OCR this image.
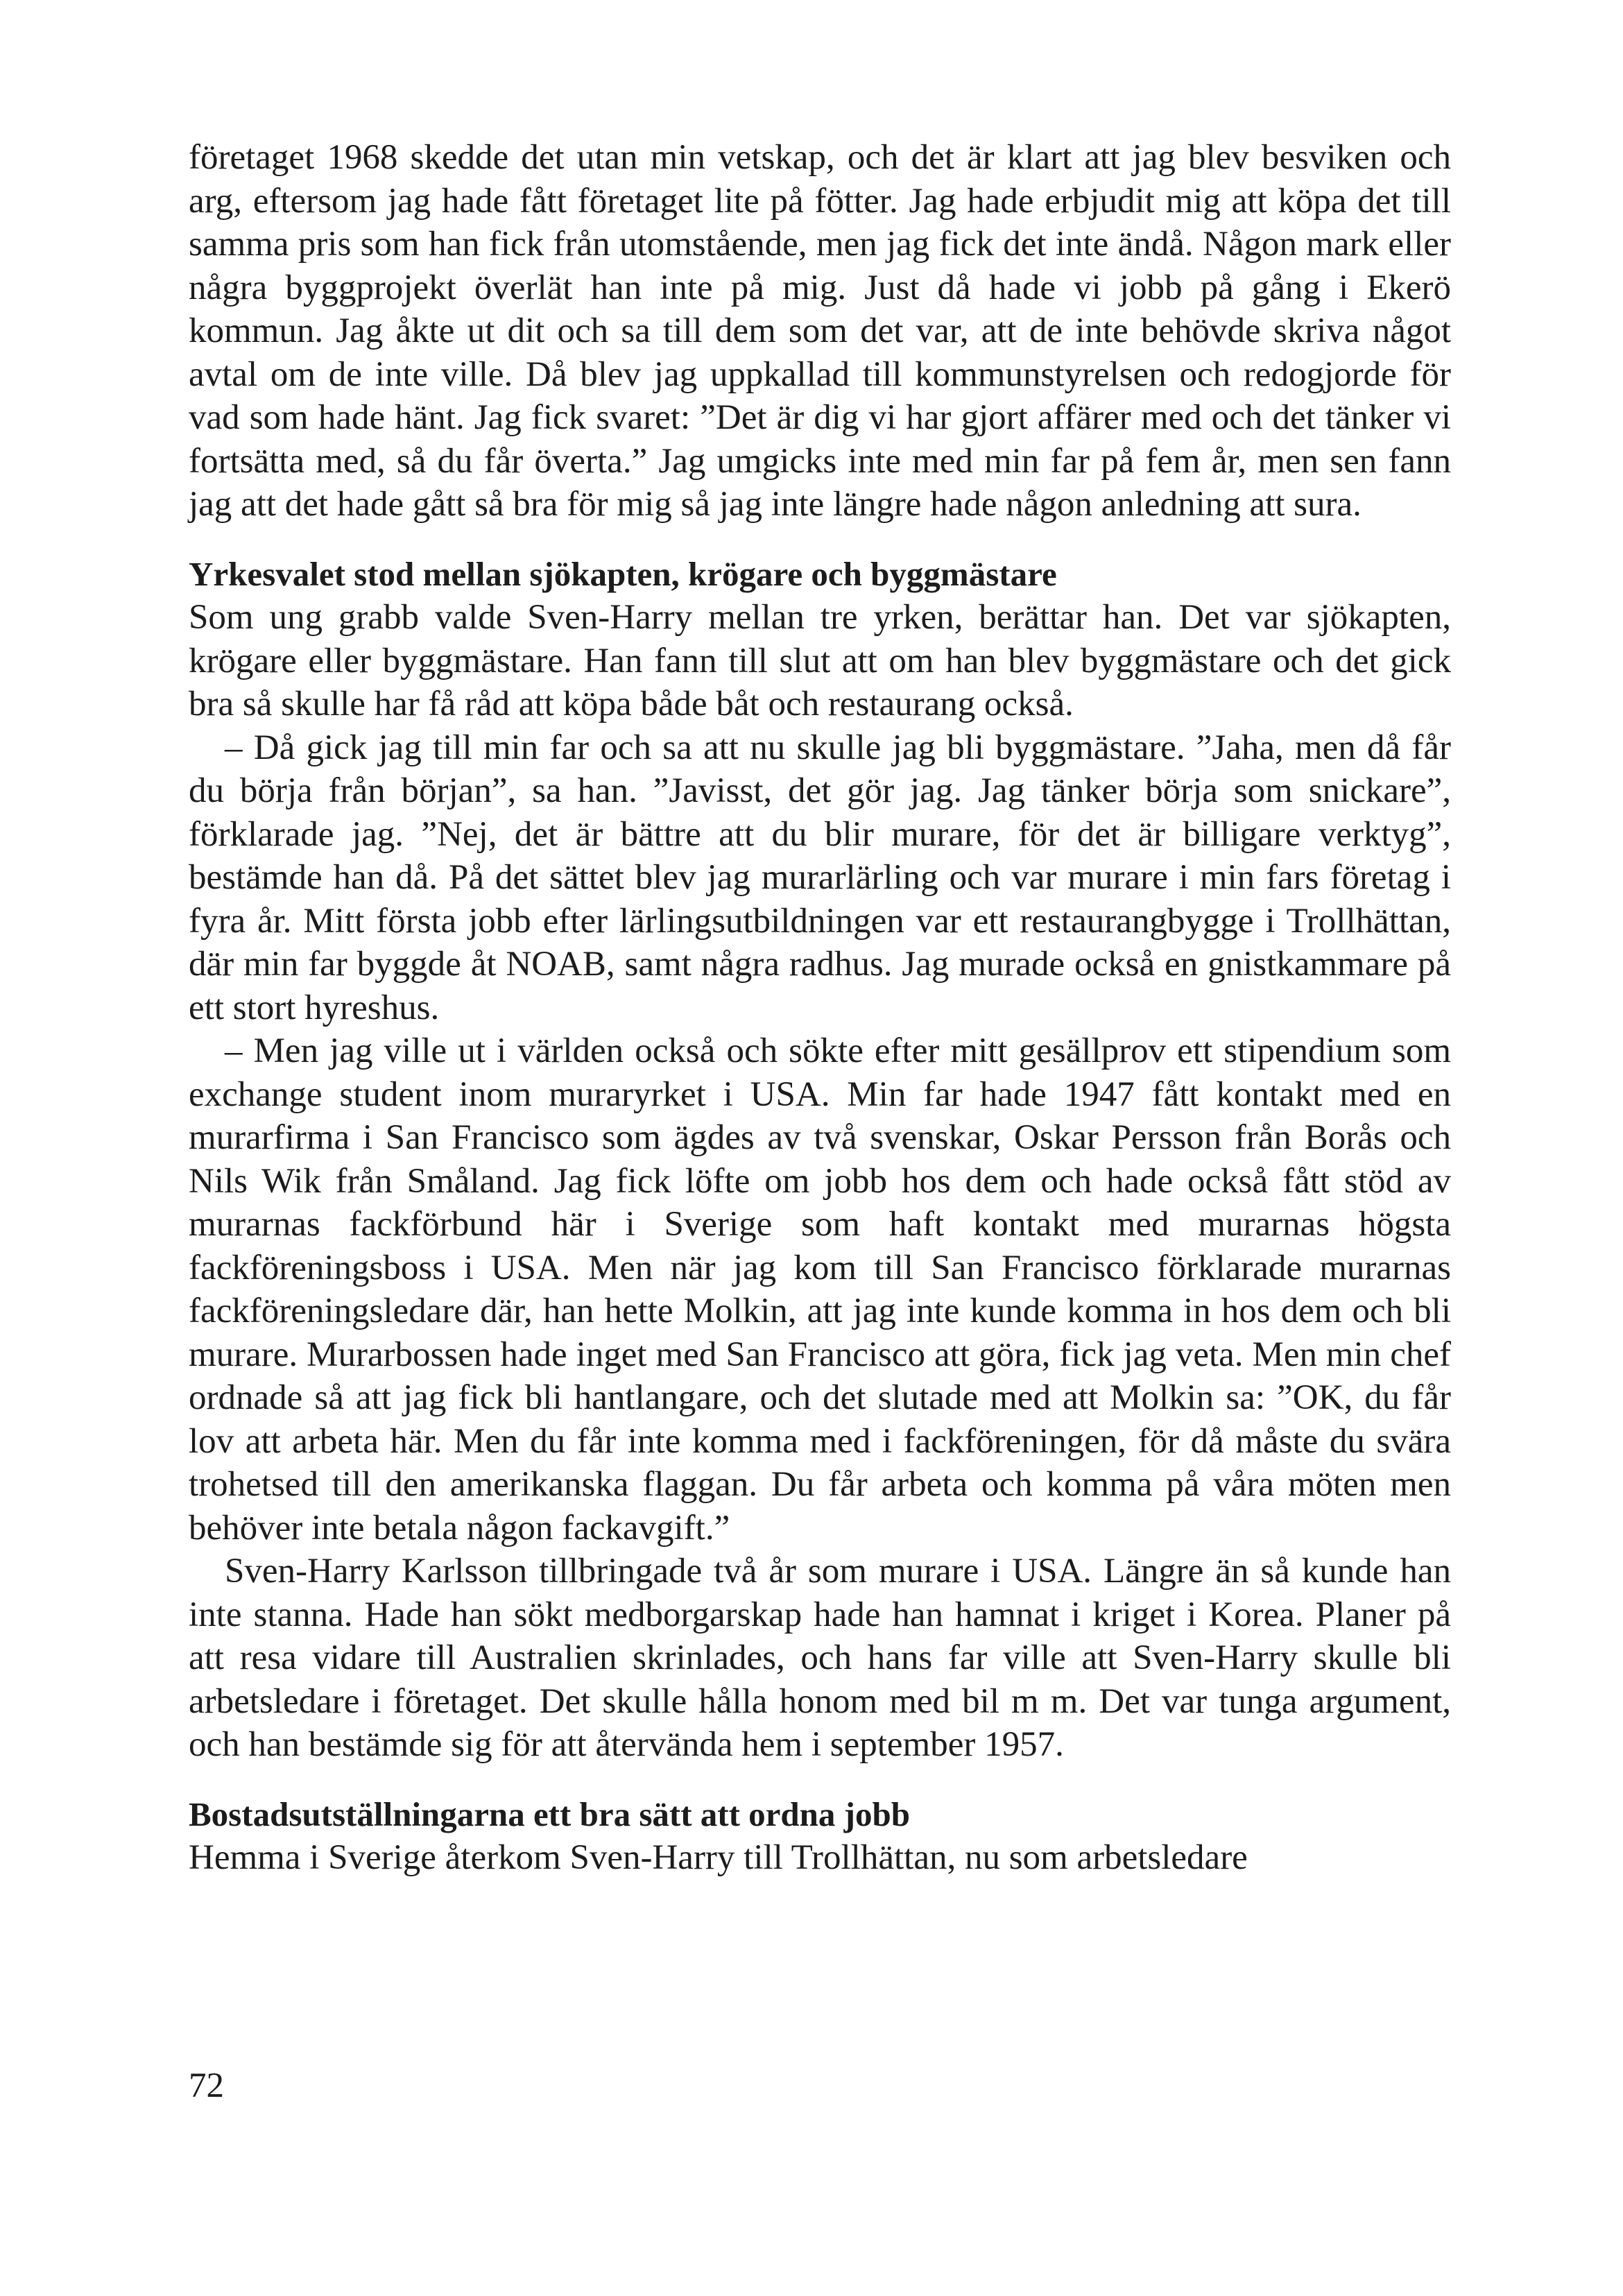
företaget 1968 skedde det utan min vetskap, och det är klart att jag blev besviken och arg, eftersom jag hade fått företaget lite på fötter. Jag hade erbjudit mig att köpa det till samma pris som han fick från utomstående, men jag fick det inte ändå. Någon mark eller några byggprojekt överlät han inte på mig. Just då hade vi jobb på gång i Ekerö kommun. Jag åkte ut dit och sa till dem som det var, att de inte behövde skriva något avtal om de inte ville. Då blev jag uppkallad till kommunstyrelsen och redogjorde för vad som hade hänt. Jag fick svaret: ”Det är dig vi har gjort affärer med och det tänker vi fortsätta med, så du får överta.” Jag umgicks inte med min far på fem år, men sen fann jag att det hade gått så bra för mig så jag inte längre hade någon anledning att sura.

Yrkesvalet stod mellan sjökapten, krögare och byggmästare

Som ung grabb valde Sven-Harry mellan tre yrken, berättar han. Det var sjökapten, krögare eller byggmästare. Han fann till slut att om han blev byggmästare och det gick bra så skulle har få råd att köpa både båt och restaurang också.

– Då gick jag till min far och sa att nu skulle jag bli byggmästare. ”Jaha, men då får du börja från början”, sa han. ”Javisst, det gör jag. Jag tänker börja som snickare”, förklarade jag. ”Nej, det är bättre att du blir murare, för det är billigare verktyg”, bestämde han då. På det sättet blev jag murarlärling och var murare i min fars företag i fyra år. Mitt första jobb efter lärlingsutbildningen var ett restaurangbygge i Trollhättan, där min far byggde åt NOAB, samt några radhus. Jag murade också en gnistkammare på ett stort hyreshus.

– Men jag ville ut i världen också och sökte efter mitt gesällprov ett stipendium som exchange student inom muraryrket i USA. Min far hade 1947 fått kontakt med en murarfirma i San Francisco som ägdes av två svenskar, Oskar Persson från Borås och Nils Wik från Småland. Jag fick löfte om jobb hos dem och hade också fått stöd av murarnas fackförbund här i Sverige som haft kontakt med murarnas högsta fackföreningsboss i USA. Men när jag kom till San Francisco förklarade murarnas fackföreningsledare där, han hette Molkin, att jag inte kunde komma in hos dem och bli murare. Murarbossen hade inget med San Francisco att göra, fick jag veta. Men min chef ordnade så att jag fick bli hantlangare, och det slutade med att Molkin sa: ”OK, du får lov att arbeta här. Men du får inte komma med i fackföreningen, för då måste du svära trohetsed till den amerikanska flaggan. Du får arbeta och komma på våra möten men behöver inte betala någon fackavgift.”

Sven-Harry Karlsson tillbringade två år som murare i USA. Längre än så kunde han inte stanna. Hade han sökt medborgarskap hade han hamnat i kriget i Korea. Planer på att resa vidare till Australien skrinlades, och hans far ville att Sven-Harry skulle bli arbetsledare i företaget. Det skulle hålla honom med bil m m. Det var tunga argument, och han bestämde sig för att återvända hem i september 1957.

Bostadsutställningarna ett bra sätt att ordna jobb

Hemma i Sverige återkom Sven-Harry till Trollhättan, nu som arbetsledare

72
